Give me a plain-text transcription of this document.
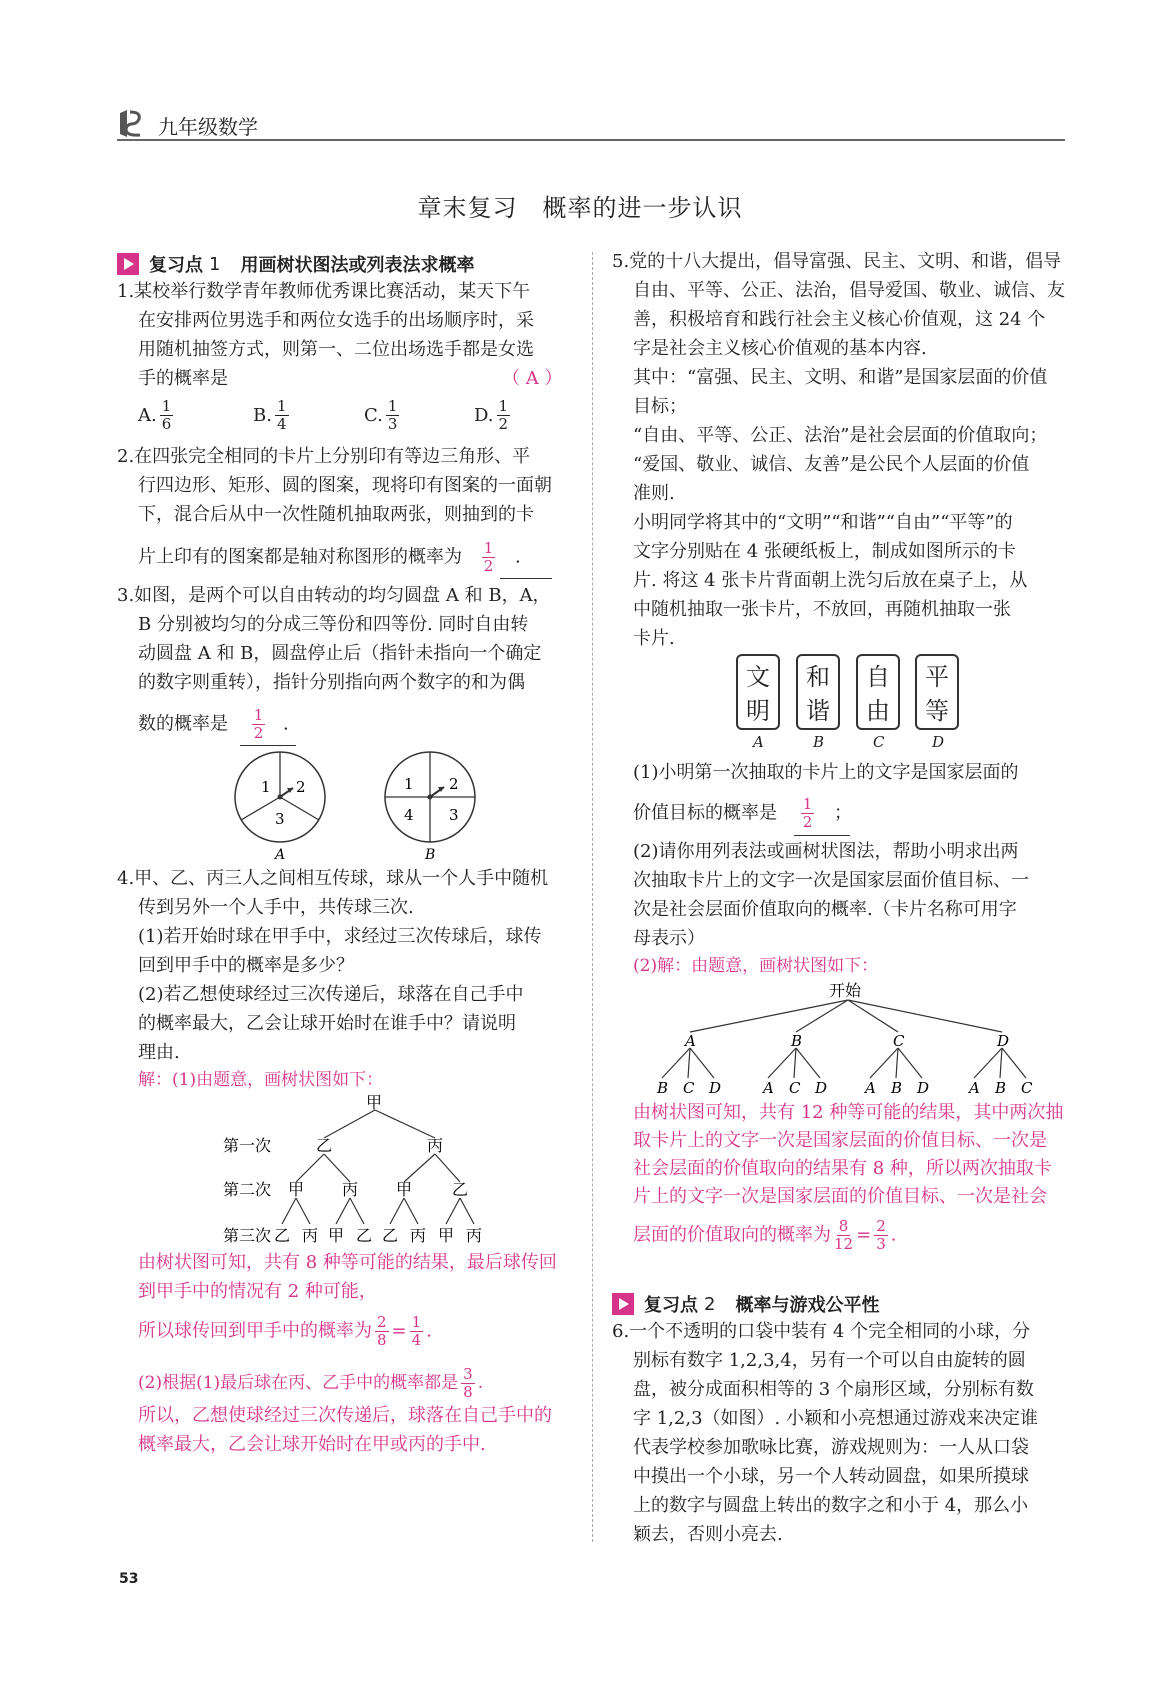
九年级数学
章末复习　概率的进一步认识
复习点 1 用画树状图法或列表法求概率

1.某校举行数学青年教师优秀课比赛活动，某天下午

在安排两位男选手和两位女选手的出场顺序时，采

用随机抽签方式，则第一、二位出场选手都是女选

手的概率是	（ A ）
A. $\frac{1}{6}$	B. $\frac{1}{4}$	C. $\frac{1}{3}$	D. $\frac{1}{2}$

2.在四张完全相同的卡片上分别印有等边三角形、平

行四边形、矩形、圆的图案，现将印有图案的一面朝

下，混合后从中一次性随机抽取两张，则抽到的卡

片上印有的图案都是轴对称图形的概率为 $\frac{1}{2}$ .

3.如图，是两个可以自由转动的均匀圆盘 A 和 B，A，

B 分别被均匀的分成三等份和四等份. 同时自由转

动圆盘 A 和 B，圆盘停止后（指针未指向一个确定

的数字则重转），指针分别指向两个数字的和为偶

数的概率是 $\frac{1}{2}$ .

1 2
3
A
1 2
3
4
B

4.甲、乙、丙三人之间相互传球，球从一个人手中随机

传到另外一个人手中，共传球三次.

(1)若开始时球在甲手中，求经过三次传球后，球传

回到甲手中的概率是多少？

(2)若乙想使球经过三次传递后，球落在自己手中

的概率最大，乙会让球开始时在谁手中？请说明

理由.

解：(1)由题意，画树状图如下：

甲
第一次
第二次
第三次
乙	丙
甲 丙 甲 乙
乙 丙 甲 乙 乙 丙 甲 丙

由树状图可知，共有 8 种等可能的结果，最后球传回

到甲手中的情况有 2 种可能，

所以球传回到甲手中的概率为 $\frac{2}{8} = \frac{1}{4}$ .

(2)根据(1)最后球在丙、乙手中的概率都是 $\frac{3}{8}$ .

所以，乙想使球经过三次传递后，球落在自己手中的

概率最大，乙会让球开始时在甲或丙的手中.

5.党的十八大提出，倡导富强、民主、文明、和谐，倡导

自由、平等、公正、法治，倡导爱国、敬业、诚信、友

善，积极培育和践行社会主义核心价值观，这 24 个

字是社会主义核心价值观的基本内容.

其中：“富强、民主、文明、和谐”是国家层面的价值

目标；

“自由、平等、公正、法治”是社会层面的价值取向；

“爱国、敬业、诚信、友善”是公民个人层面的价值

准则.

小明同学将其中的“文明”“和谐”“自由”“平等”的

文字分别贴在 4 张硬纸板上，制成如图所示的卡

片. 将这 4 张卡片背面朝上洗匀后放在桌子上，从

中随机抽取一张卡片，不放回，再随机抽取一张

卡片.

文
明
A
和
谐
B
自
由
C
平
等
D

(1)小明第一次抽取的卡片上的文字是国家层面的

价值目标的概率是 $\frac{1}{2}$ ；

(2)请你用列表法或画树状图法，帮助小明求出两

次抽取卡片上的文字一次是国家层面价值目标、一

次是社会层面价值取向的概率.（卡片名称可用字

母表示）

(2)解：由题意，画树状图如下：

开始
A	B	C	D
B C D	A C D	A B D	A B C

由树状图可知，共有 12 种等可能的结果，其中两次抽

取卡片上的文字一次是国家层面的价值目标、一次是

社会层面的价值取向的结果有 8 种，所以两次抽取卡

片上的文字一次是国家层面的价值目标、一次是社会

层面的价值取向的概率为 $\frac{8}{12} = \frac{2}{3}$ .

复习点 2 概率与游戏公平性

6.一个不透明的口袋中装有 4 个完全相同的小球，分

别标有数字 1,2,3,4，另有一个可以自由旋转的圆

盘，被分成面积相等的 3 个扇形区域，分别标有数

字 1,2,3（如图）. 小颖和小亮想通过游戏来决定谁

代表学校参加歌咏比赛，游戏规则为：一人从口袋

中摸出一个小球，另一个人转动圆盘，如果所摸球

上的数字与圆盘上转出的数字之和小于 4，那么小

颖去，否则小亮去.

53
